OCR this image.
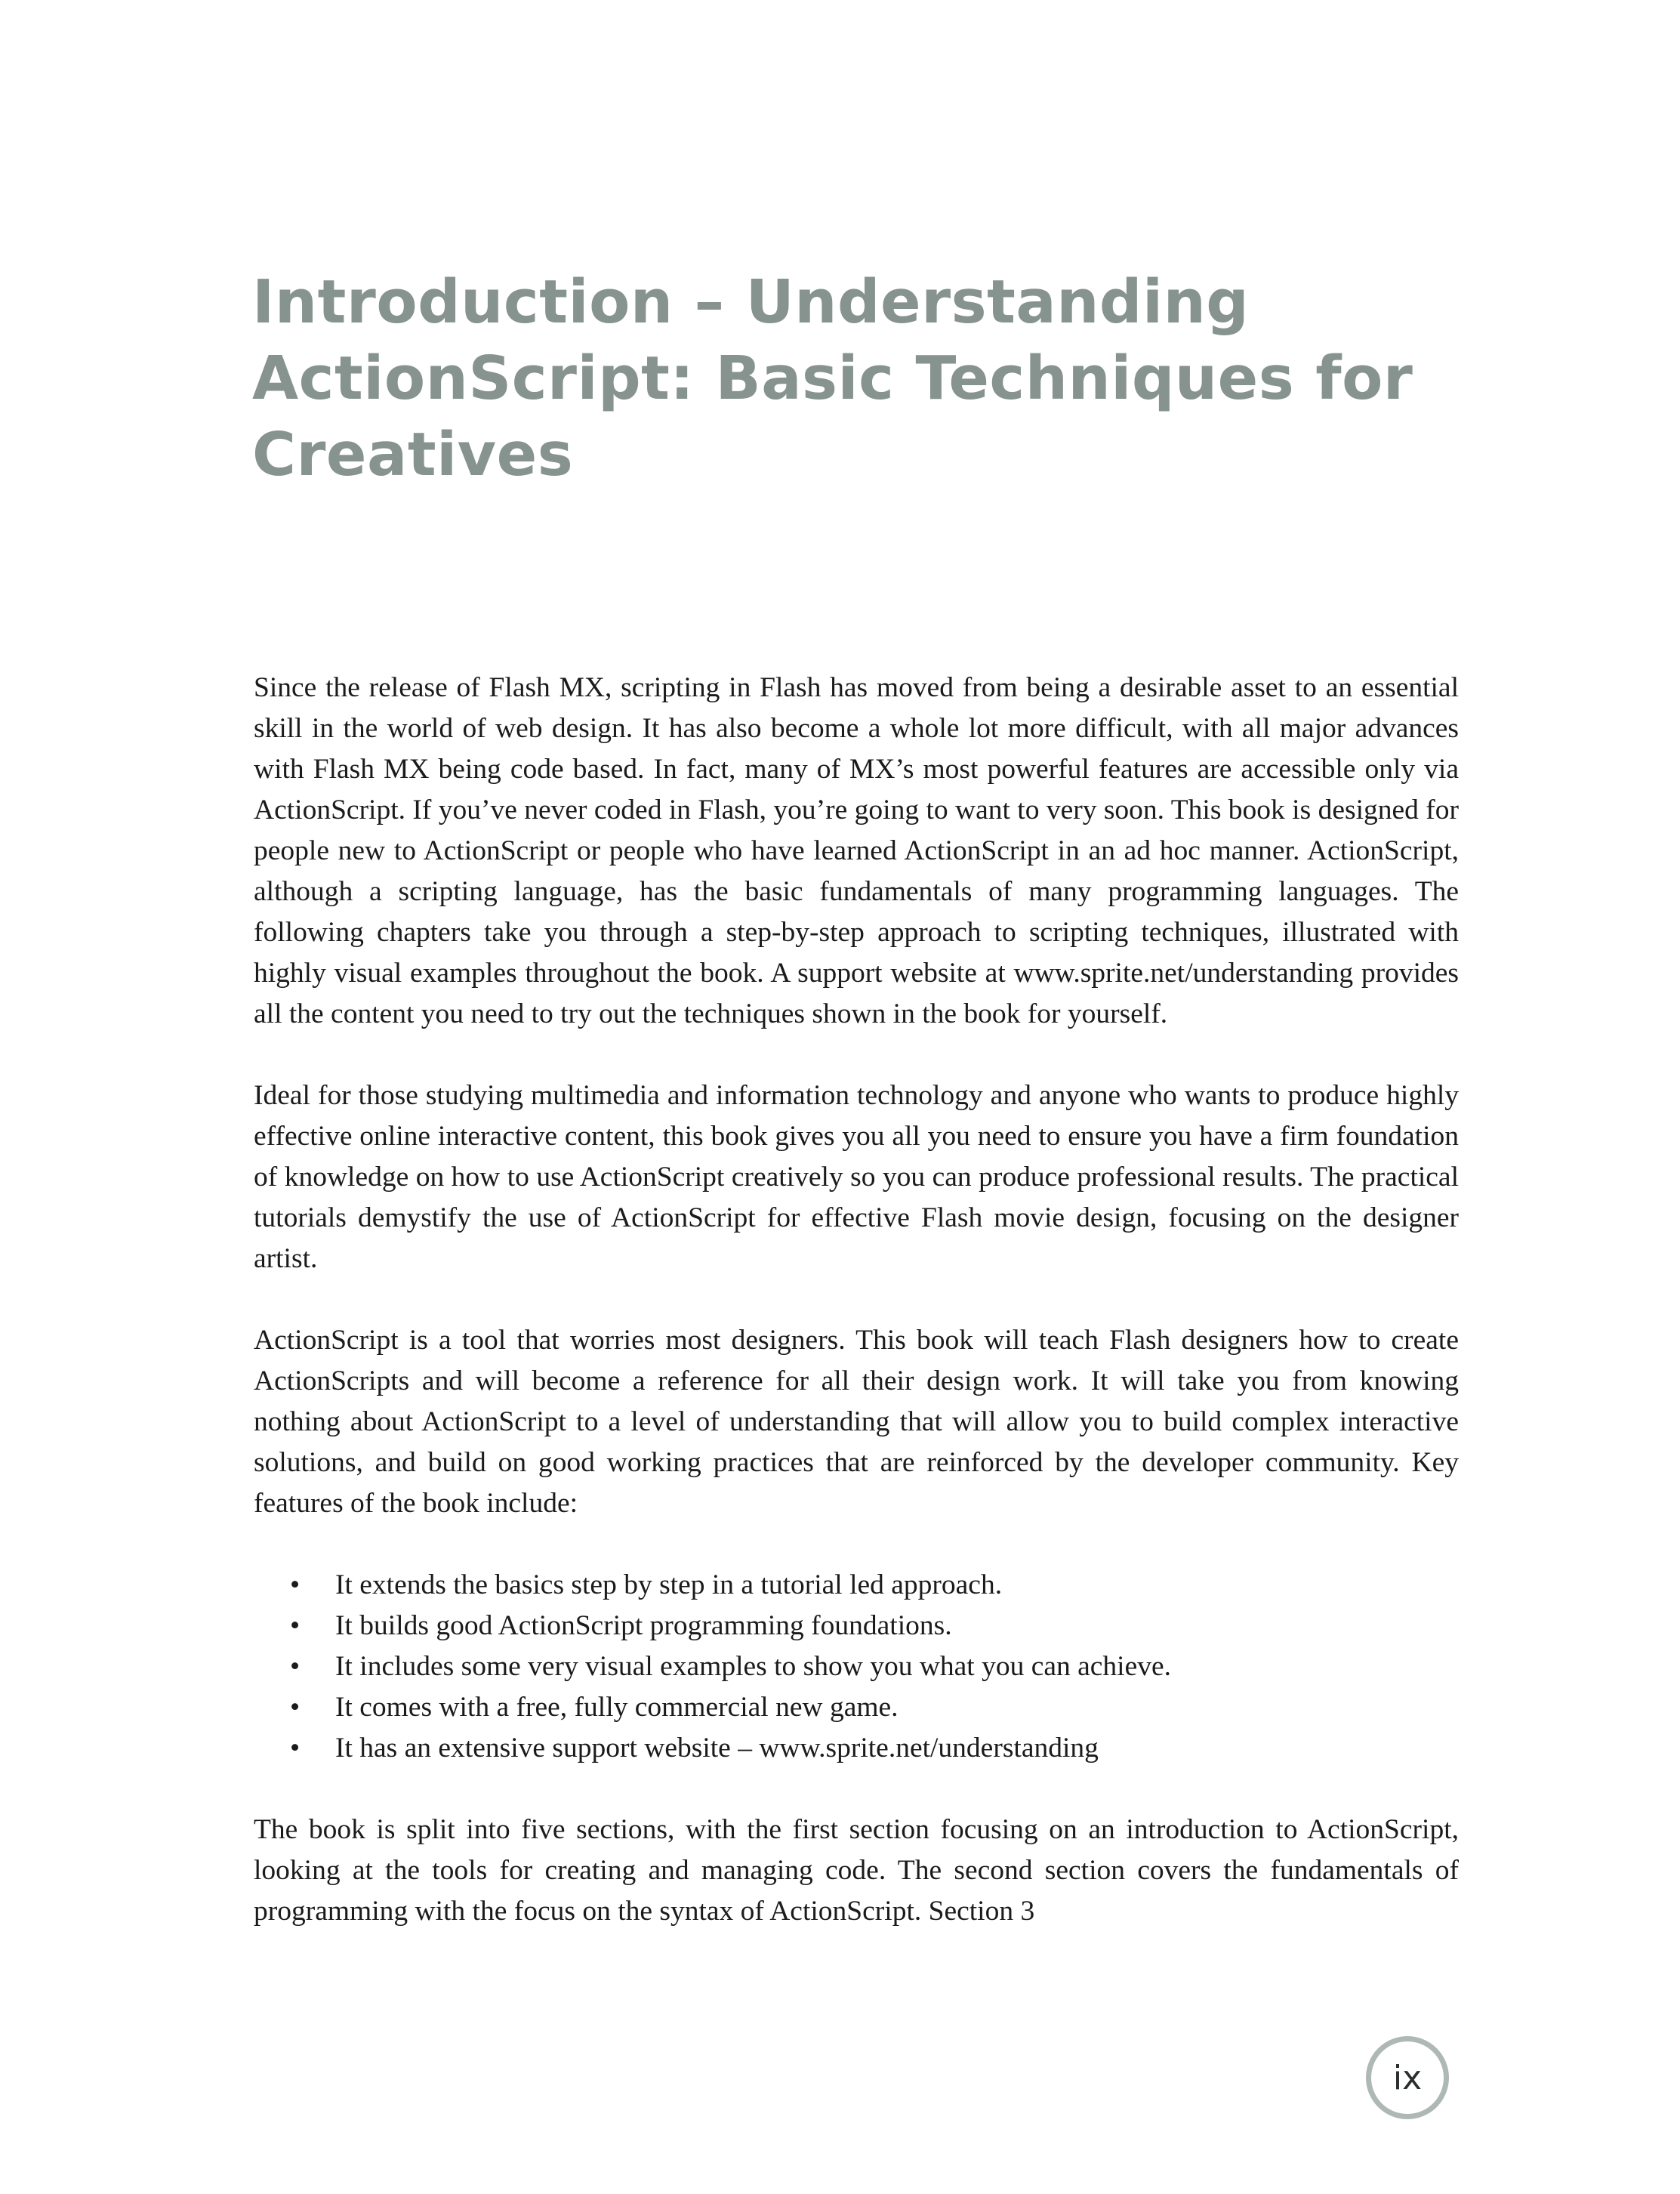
Introduction – Understanding ActionScript: Basic Techniques for Creatives

Since the release of Flash MX, scripting in Flash has moved from being a desirable asset to an essential skill in the world of web design. It has also become a whole lot more difficult, with all major advances with Flash MX being code based. In fact, many of MX’s most powerful features are accessible only via ActionScript. If you’ve never coded in Flash, you’re going to want to very soon. This book is designed for people new to ActionScript or people who have learned ActionScript in an ad hoc manner. ActionScript, although a scripting language, has the basic fundamentals of many programming languages. The following chapters take you through a step-by-step approach to scripting techniques, illustrated with highly visual examples throughout the book. A support website at www.sprite.net/understanding provides all the content you need to try out the techniques shown in the book for yourself.

Ideal for those studying multimedia and information technology and anyone who wants to produce highly effective online interactive content, this book gives you all you need to ensure you have a firm foundation of knowledge on how to use ActionScript creatively so you can produce professional results. The practical tutorials demystify the use of ActionScript for effective Flash movie design, focusing on the designer artist.

ActionScript is a tool that worries most designers. This book will teach Flash designers how to create ActionScripts and will become a reference for all their design work. It will take you from knowing nothing about ActionScript to a level of understanding that will allow you to build complex interactive solutions, and build on good working practices that are reinforced by the developer community. Key features of the book include:

• It extends the basics step by step in a tutorial led approach.
• It builds good ActionScript programming foundations.
• It includes some very visual examples to show you what you can achieve.
• It comes with a free, fully commercial new game.
• It has an extensive support website – www.sprite.net/understanding

The book is split into five sections, with the first section focusing on an introduction to ActionScript, looking at the tools for creating and managing code. The second section covers the fundamentals of programming with the focus on the syntax of ActionScript. Section 3

ix
